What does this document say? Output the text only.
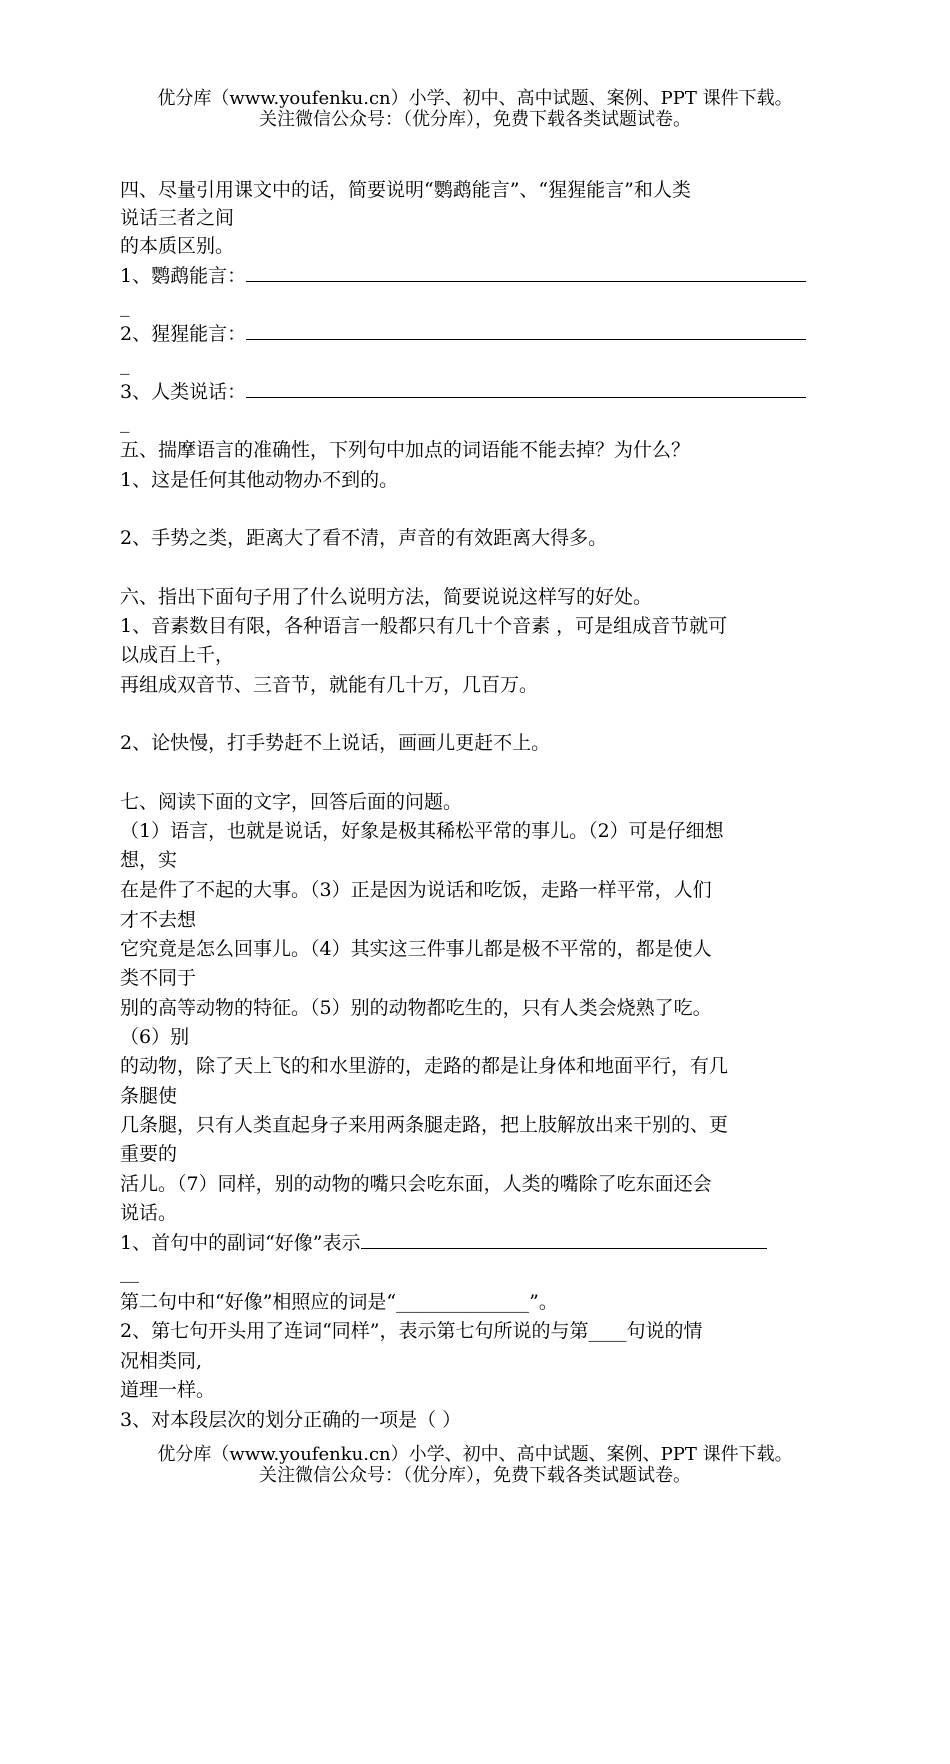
优分库（www.youfenku.cn）小学、初中、高中试题、案例、PPT 课件下载。
关注微信公众号：（优分库），免费下载各类试题试卷。
四、尽量引用课文中的话，简要说明“鹦鹉能言”、“猩猩能言”和人类
说话三者之间
的本质区别。
1、鹦鹉能言：
_
2、猩猩能言：
_
3、人类说话：
_
五、揣摩语言的准确性，下列句中加点的词语能不能去掉？为什么？
1、这是任何其他动物办不到的。
2、手势之类，距离大了看不清，声音的有效距离大得多。
六、指出下面句子用了什么说明方法，简要说说这样写的好处。
1、音素数目有限，各种语言一般都只有几十个音素 ，可是组成音节就可
以成百上千，
再组成双音节、三音节，就能有几十万，几百万。
2、论快慢，打手势赶不上说话，画画儿更赶不上。
七、阅读下面的文字，回答后面的问题。
（1）语言，也就是说话，好象是极其稀松平常的事儿。（2）可是仔细想
想，实
在是件了不起的大事。（3）正是因为说话和吃饭，走路一样平常，人们
才不去想
它究竟是怎么回事儿。（4）其实这三件事儿都是极不平常的，都是使人
类不同于
别的高等动物的特征。（5）别的动物都吃生的，只有人类会烧熟了吃。
（6）别
的动物，除了天上飞的和水里游的，走路的都是让身体和地面平行，有几
条腿使
几条腿，只有人类直起身子来用两条腿走路，把上肢解放出来干别的、更
重要的
活儿。（7）同样，别的动物的嘴只会吃东面，人类的嘴除了吃东面还会
说话。
1、首句中的副词“好像”表示
__
第二句中和“好像”相照应的词是“______________”。
2、第七句开头用了连词“同样”，表示第七句所说的与第____句说的情
况相类同,
道理一样。
3、对本段层次的划分正确的一项是（ ）
优分库（www.youfenku.cn）小学、初中、高中试题、案例、PPT 课件下载。
关注微信公众号：（优分库），免费下载各类试题试卷。
